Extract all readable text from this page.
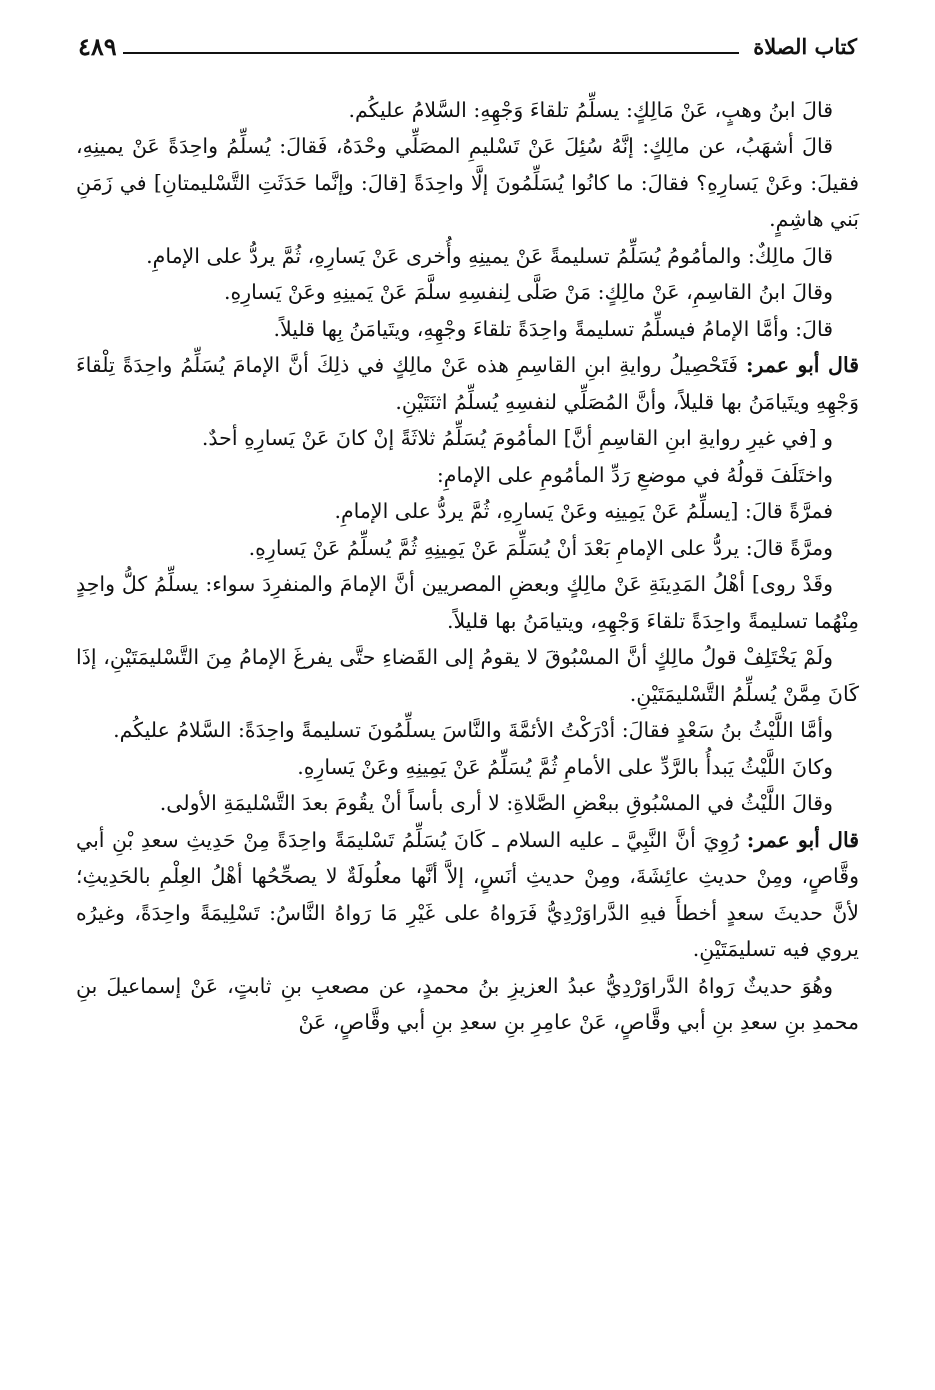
كتاب الصلاة
٤٨٩

قالَ ابنُ وهبٍ، عَنْ مَالِكٍ: يسلِّمُ تلقاءَ وَجْهِهِ: السَّلامُ عليكُم.

قالَ أشهَبُ، عن مالِكٍ: إنَّهُ سُئِلَ عَنْ تَسْليمِ المصَلِّي وحْدَهُ، فَقالَ: يُسلِّمُ واحِدَةً عَنْ يمينِهِ، فقيلَ: وعَنْ يَسارِهِ؟ فقالَ: ما كانُوا يُسَلِّمُونَ إلَّا واحِدَةً [قالَ: وإنَّما حَدَثَتِ التَّسْليمتانِ] في زَمَنِ بَني هاشِمٍ.

قالَ مالِكٌ: والمأمُومُ يُسَلِّمُ تسليمةً عَنْ يمينِهِ وأُخرى عَنْ يَسارِهِ، ثُمَّ يردُّ على الإمامِ.

وقالَ ابنُ القاسِمِ، عَنْ مالِكٍ: مَنْ صَلَّى لِنفسِهِ سلَّمَ عَنْ يَمينِهِ وعَنْ يَسارِهِ.

قالَ: وأمَّا الإمامُ فيسلِّمُ تسليمةً واحِدَةً تلقاءَ وجْهِهِ، ويتَيامَنُ بِها قليلاً.

قال أبو عمر: فَتَحْصِيلُ روايةِ ابنِ القاسِمِ هذه عَنْ مالِكٍ في ذلِكَ أنَّ الإمامَ يُسَلِّمُ واحِدَةً تِلْقاءَ وَجْهِهِ ويتَيامَنُ بها قليلاً، وأنَّ المُصَلِّي لنفسِهِ يُسلِّمُ اثنَتَيْنِ.

و [في غيرِ روايةِ ابنِ القاسِمِ أنَّ] المأمُومَ يُسَلِّمُ ثلاثَةً إنْ كانَ عَنْ يَسارِهِ أحدٌ.

واختَلَفَ قولُهُ في موضعِ رَدِّ المأمُومِ على الإمامِ:

فمرَّةً قالَ: [يسلِّمُ عَنْ يَمِينِه وعَنْ يَسارِهِ، ثُمَّ يردُّ على الإمامِ.

ومرَّةً قالَ: يردُّ على الإمامِ بَعْدَ أنْ يُسَلِّمَ عَنْ يَمِينِهِ ثُمَّ يُسلِّمُ عَنْ يَسارِهِ.

وقَدْ روى] أهْلُ المَدِينَةِ عَنْ مالِكٍ وبعضِ المصريين أنَّ الإمامَ والمنفرِدَ سواء: يسلِّمُ كلُّ واحِدٍ مِنْهُما تسليمةً واحِدَةً تلقاءَ وَجْهِهِ، ويتيامَنُ بها قليلاً.

ولَمْ يَخْتَلِفْ قولُ مالِكٍ أنَّ المسْبُوقَ لا يقومُ إلى القَضاءِ حتَّى يفرغَ الإمامُ مِنَ التَّسْليمَتَيْنِ، إذَا كَانَ مِمَّنْ يُسلِّمُ التَّسْليمَتَيْنِ.

وأمَّا اللَّيْثُ بنُ سَعْدٍ فقالَ: أدْرَكْتُ الأئمَّةَ والنَّاسَ يسلِّمُونَ تسليمةً واحِدَةً: السَّلامُ عليكُم.

وكانَ اللَّيْثُ يَبدأُ بالرَّدِّ على الأمامِ ثُمَّ يُسَلِّمُ عَنْ يَمِينِهِ وعَنْ يَسارِهِ.

وقالَ اللَّيْثُ في المسْبُوقِ ببعْضِ الصَّلاةِ: لا أرى بأساً أنْ يقُومَ بعدَ التَّسْليمَةِ الأولى.

قال أبو عمر: رُوِيَ أنَّ النَّبِيَّ ـ عليه السلام ـ كَانَ يُسَلِّمُ تَسْليمَةً واحِدَةً مِنْ حَدِيثِ سعدِ بْنِ أبي وقَّاصٍ، ومِنْ حديثِ عائِشَةَ، ومِنْ حديثِ أنَسٍ، إلاَّ أنَّها معلُولَةٌ لا يصحِّحُها أهْلُ العِلْمِ بالحَدِيثِ؛ لأنَّ حديثَ سعدٍ أخطأَ فيهِ الدَّراوَرْدِيُّ فَرَواهُ على غَيْرِ مَا رَواهُ النَّاسُ: تَسْلِيمَةً واحِدَةً، وغيرُه يروي فيه تسليمَتَيْنِ.

وهُوَ حديثٌ رَواهُ الدَّراوَرْدِيُّ عبدُ العزيزِ بنُ محمدٍ، عن مصعبِ بنِ ثابتٍ، عَنْ إسماعيلَ بنِ محمدِ بنِ سعدِ بنِ أبي وقَّاصٍ، عَنْ عامِرِ بنِ سعدِ بنِ أبي وقَّاصٍ، عَنْ
